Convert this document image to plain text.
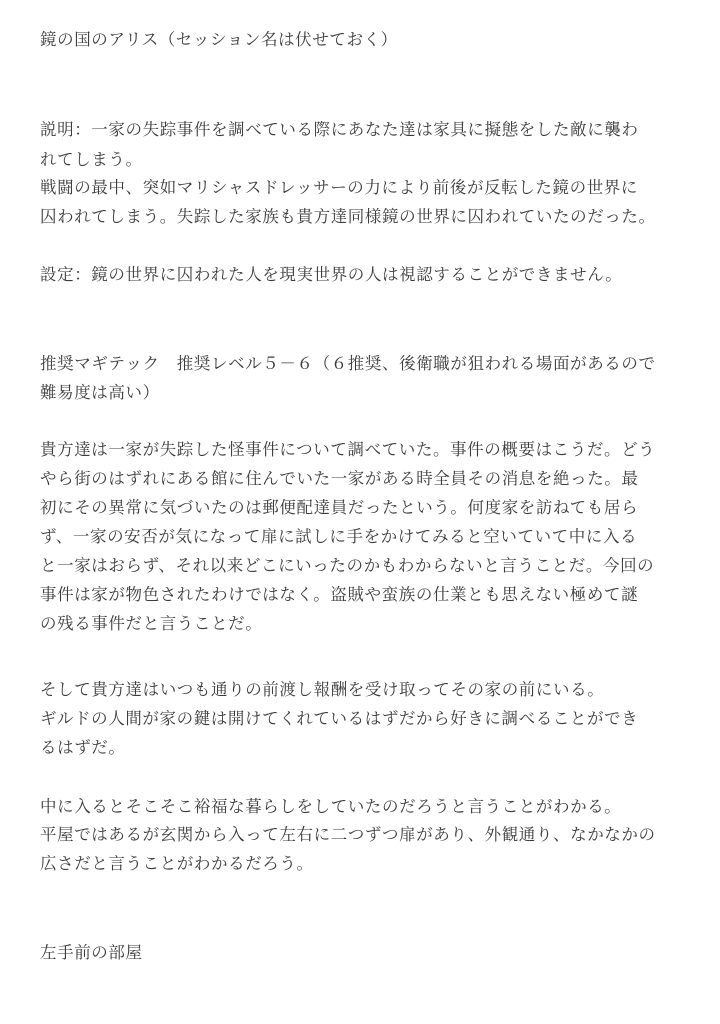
鏡の国のアリス（セッション名は伏せておく）
説明：一家の失踪事件を調べている際にあなた達は家具に擬態をした敵に襲わ
れてしまう。
戦闘の最中、突如マリシャスドレッサーの力により前後が反転した鏡の世界に
囚われてしまう。失踪した家族も貴方達同様鏡の世界に囚われていたのだった。
設定：鏡の世界に囚われた人を現実世界の人は視認することができません。
推奨マギテック　推奨レベル５－６（６推奨、後衛職が狙われる場面があるので
難易度は高い）
貴方達は一家が失踪した怪事件について調べていた。事件の概要はこうだ。どう
やら街のはずれにある館に住んでいた一家がある時全員その消息を絶った。最
初にその異常に気づいたのは郵便配達員だったという。何度家を訪ねても居ら
ず、一家の安否が気になって扉に試しに手をかけてみると空いていて中に入る
と一家はおらず、それ以来どこにいったのかもわからないと言うことだ。今回の
事件は家が物色されたわけではなく。盗賊や蛮族の仕業とも思えない極めて謎
の残る事件だと言うことだ。
そして貴方達はいつも通りの前渡し報酬を受け取ってその家の前にいる。
ギルドの人間が家の鍵は開けてくれているはずだから好きに調べることができ
るはずだ。
中に入るとそこそこ裕福な暮らしをしていたのだろうと言うことがわかる。
平屋ではあるが玄関から入って左右に二つずつ扉があり、外観通り、なかなかの
広さだと言うことがわかるだろう。
左手前の部屋
